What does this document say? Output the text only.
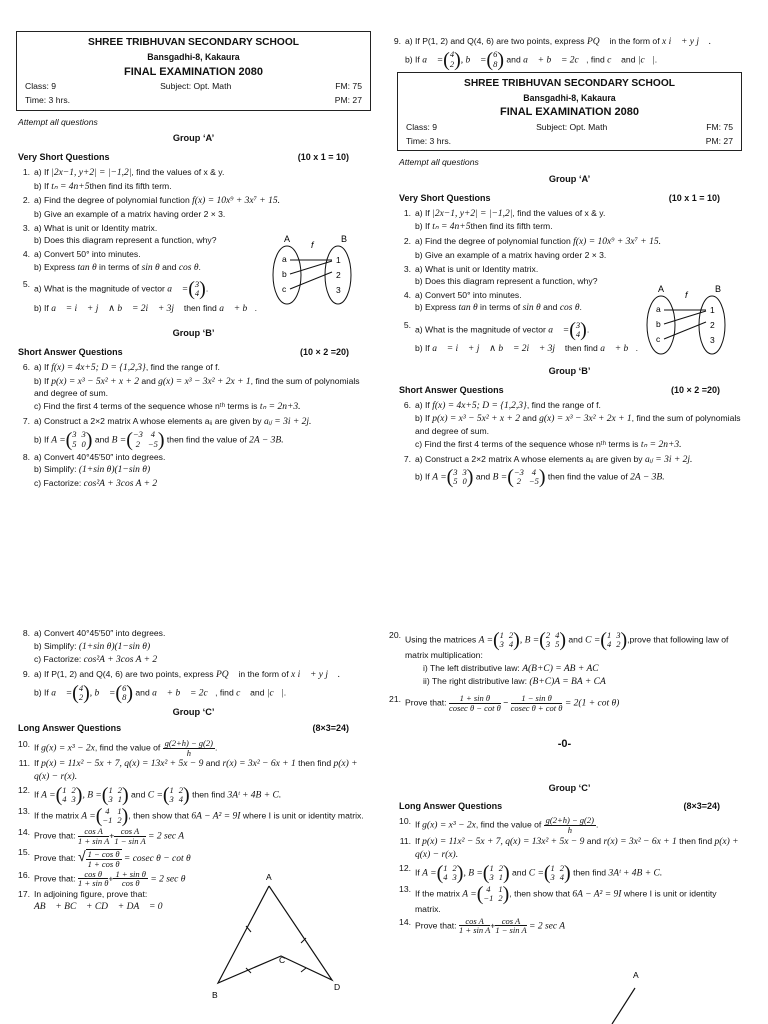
SHREE TRIBHUVAN SECONDARY SCHOOL
Bansgadhi-8, Kakaura
FINAL EXAMINATION 2080
Class: 9	Subject: Opt. Math	FM: 75
Time: 3 hrs.	PM: 27
Attempt all questions
Group ‘A’
Very Short Questions	(10 x 1 = 10)
1. a) If |2x−1, y+2| = |−1,2|, find the values of x & y.
b) If tₙ = 4n+5then find its fifth term.
2. a) Find the degree of polynomial function f(x) = 10x⁹ + 3x⁷ + 15.
b) Give an example of a matrix having order 2 × 3.
3. a) What is unit or Identity matrix.
b) Does this diagram represent a function, why?
4. a) Convert 50° into minutes.
b) Express tan θ in terms of sin θ and cos θ.
5. a) What is the magnitude of vector a⃗ = ( 3
4 ) .
b) If a⃗ = i⃗ + j⃗ ∧ b⃗ = 2i⃗ + 3j⃗ then find a⃗ + b⃗.
Group ‘B’
Short Answer Questions	(10 × 2 =20)
6. a) If f(x) = 4x+5; D = {1,2,3}, find the range of f.
b) If p(x) = x³ − 5x² + x + 2 and g(x) = x³ − 3x² + 2x + 1, find the sum of polynomials and degree of sum.
c) Find the first 4 terms of the sequence whose nᵗʰ terms is tₙ = 2n+3.
7. a) Construct a 2×2 matrix A whose elements aᵢⱼ are given by aᵢⱼ = 3i + 2j.
b) If A = ( 3 3
5 0 ) and B = ( −3 4
2 −5 ) then find the value of 2A − 3B.
8. a) Convert 40°45′50″ into degrees.
b) Simplify: (1+sin θ)(1−sin θ)
c) Factorize: cos²A + 3cos A + 2
A	B
f
a
b
c
1
2
3
8. a) Convert 40°45′50″ into degrees.
b) Simplify: (1+sin θ)(1−sin θ)
c) Factorize: cos²A + 3cos A + 2
9. a) If P(1, 2) and Q(4, 6) are two points, express PQ⃗ in the form of x i⃗ + y j⃗ .
b) If a⃗ = ( 4
2 ) , b⃗ = ( 6
8 ) and a⃗ + b⃗ = 2c⃗, find c⃗ and |c⃗|.
Group ‘C’
Long Answer Questions	(8×3=24)
10. If g(x) = x³ − 2x, find the value of $\frac{g(2+h) - g(2)}{h}$ .
11. If p(x) = 11x² − 5x + 7, q(x) = 13x² + 5x − 9 and r(x) = 3x² − 6x + 1 then find p(x) + q(x) − r(x).
12. If A = ( 1 2
4 3 ) , B = ( 1 2
3 1 ) and C = ( 1 2
3 4 ) then find 3Aᵗ + 4B + C.
13. If the matrix A = ( 4 1
−1 2 ) , then show that 6A − A² = 9I where I is unit or identity matrix.
14. Prove that: $\frac{\text{cos A}}{\text{1 + sin A}} + \frac{\text{cos A}}{\text{1 − sin A}} = 2$ sec A
15.
Prove that: √ $\frac{\text{1 − cos θ}}{\text{1 + cos θ}} = cosec$ θ − cot θ
16. Prove that: $\frac{\text{cos θ}}{\text{1 + sin θ}} + \frac{\text{1 + sin θ}}{\text{cos θ}} = 2$ sec θ
17. In adjoining figure, prove that:
AB⃗ + BC⃗ + CD⃗ + DA⃗ = 0
A
B
C
D
9. a) If P(1, 2) and Q(4, 6) are two points, express PQ⃗ in the form of x i⃗ + y j⃗ .
b) If a⃗ = ( 4
2 ) , b⃗ = ( 6
8 ) and a⃗ + b⃗ = 2c⃗, find c⃗ and |c⃗|.
SHREE TRIBHUVAN SECONDARY SCHOOL
Bansgadhi-8, Kakaura
FINAL EXAMINATION 2080
Class: 9	Subject: Opt. Math	FM: 75
Time: 3 hrs.	PM: 27
Attempt all questions
Group ‘A’
Very Short Questions	(10 x 1 = 10)
1. a) If |2x−1, y+2| = |−1,2|, find the values of x & y.
b) If tₙ = 4n+5then find its fifth term.
2. a) Find the degree of polynomial function f(x) = 10x⁹ + 3x⁷ + 15.
b) Give an example of a matrix having order 2 × 3.
3. a) What is unit or Identity matrix.
b) Does this diagram represent a function, why?
4. a) Convert 50° into minutes.
b) Express tan θ in terms of sin θ and cos θ.
5. a) What is the magnitude of vector a⃗ = ( 3
4 ) .
b) If a⃗ = i⃗ + j⃗ ∧ b⃗ = 2i⃗ + 3j⃗ then find a⃗ + b⃗.
Group ‘B’
Short Answer Questions	(10 × 2 =20)
6. a) If f(x) = 4x+5; D = {1,2,3}, find the range of f.
b) If p(x) = x³ − 5x² + x + 2 and g(x) = x³ − 3x² + 2x + 1, find the sum of polynomials and degree of sum.
c) Find the first 4 terms of the sequence whose nᵗʰ terms is tₙ = 2n+3.
7. a) Construct a 2×2 matrix A whose elements aᵢⱼ are given by aᵢⱼ = 3i + 2j.
b) If A = ( 3 3
5 0 ) and B = ( −3 4
2 −5 ) then find the value of 2A − 3B.
A	B
f
a
b
c
1
2
3
20. Using the matrices A = ( 1 2
3 4 ) , B = ( 2 4
3 5 ) and C = ( 1 3
4 2 ) ,prove that following law of matrix multiplication:
i) The left distributive law: A(B+C) = AB + AC
ii) The right distributive law: (B+C)A = BA + CA
21. Prove that: $\frac{\text{1 + sin θ}}{\text{cosec θ − cot θ}} - \frac{\text{1 − sin θ}}{\text{cosec θ + cot θ}} = 2(1 + \cot \theta)$
-0-
Group ‘C’
Long Answer Questions	(8×3=24)
10. If g(x) = x³ − 2x, find the value of $\frac{g(2+h) - g(2)}{h}$ .
11. If p(x) = 11x² − 5x + 7, q(x) = 13x² + 5x − 9 and r(x) = 3x² − 6x + 1 then find p(x) + q(x) − r(x).
12. If A = ( 1 2
4 3 ) , B = ( 1 2
3 1 ) and C = ( 1 2
3 4 ) then find 3Aᵗ + 4B + C.
13. If the matrix A = ( 4 1
−1 2 ) , then show that 6A − A² = 9I where I is unit or identity matrix.
14. Prove that: $\frac{\text{cos A}}{\text{1 + sin A}} + \frac{\text{cos A}}{\text{1 − sin A}} = 2$ sec A
A
